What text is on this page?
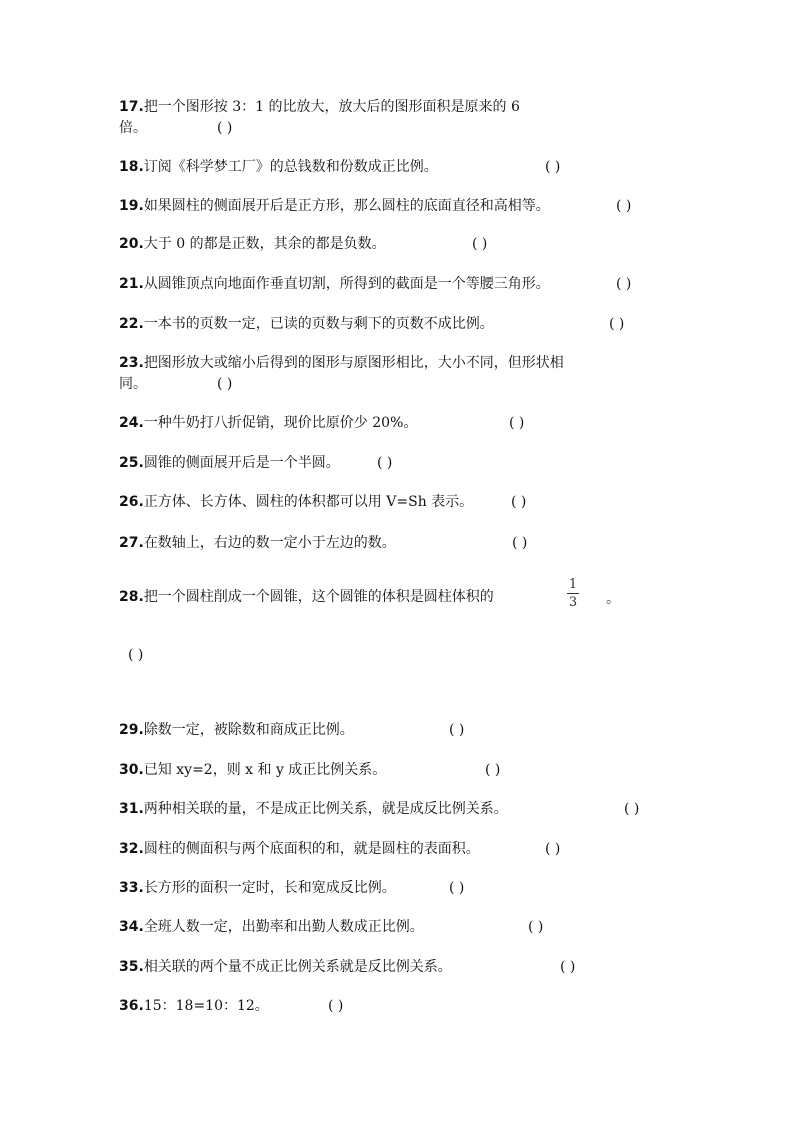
17.把一个图形按 3：1 的比放大，放大后的图形面积是原来的 6
倍。	( )
18.订阅《科学梦工厂》的总钱数和份数成正比例。	( )
19.如果圆柱的侧面展开后是正方形，那么圆柱的底面直径和高相等。	( )
20.大于 0 的都是正数，其余的都是负数。	( )
21.从圆锥顶点向地面作垂直切割，所得到的截面是一个等腰三角形。	( )
22.一本书的页数一定，已读的页数与剩下的页数不成比例。	( )
23.把图形放大或缩小后得到的图形与原图形相比，大小不同，但形状相
同。	( )
24.一种牛奶打八折促销，现价比原价少 20%。	( )
25.圆锥的侧面展开后是一个半圆。	( )
26.正方体、长方体、圆柱的体积都可以用 V=Sh 表示。	( )
27.在数轴上，右边的数一定小于左边的数。	( )
28.把一个圆柱削成一个圆锥，这个圆锥的体积是圆柱体积的
1
3 。
( )
29.除数一定，被除数和商成正比例。	( )
30.已知 xy=2，则 x 和 y 成正比例关系。	( )
31.两种相关联的量，不是成正比例关系，就是成反比例关系。	( )
32.圆柱的侧面积与两个底面积的和，就是圆柱的表面积。	( )
33.长方形的面积一定时，长和宽成反比例。	( )
34.全班人数一定，出勤率和出勤人数成正比例。	( )
35.相关联的两个量不成正比例关系就是反比例关系。	( )
36.15：18=10：12。	( )
